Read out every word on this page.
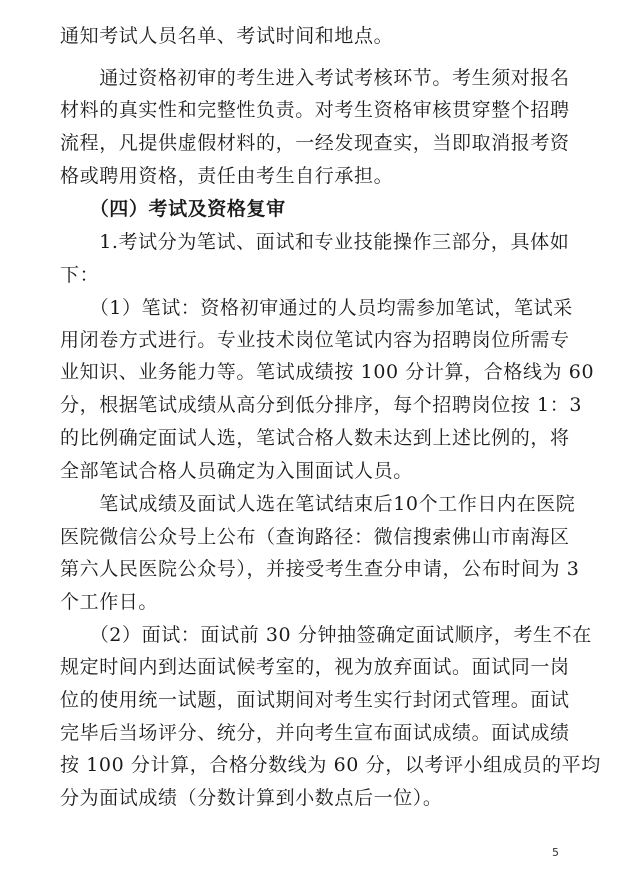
通知考试人员名单、考试时间和地点。
　　通过资格初审的考生进入考试考核环节。考生须对报名
材料的真实性和完整性负责。对考生资格审核贯穿整个招聘
流程，凡提供虚假材料的，一经发现查实，当即取消报考资
格或聘用资格，责任由考生自行承担。
　　（四）考试及资格复审
　　1.考试分为笔试、面试和专业技能操作三部分，具体如
下：
　　（1）笔试：资格初审通过的人员均需参加笔试，笔试采
用闭卷方式进行。专业技术岗位笔试内容为招聘岗位所需专
业知识、业务能力等。笔试成绩按 100 分计算，合格线为 60
分，根据笔试成绩从高分到低分排序，每个招聘岗位按 1：3
的比例确定面试人选，笔试合格人数未达到上述比例的，将
全部笔试合格人员确定为入围面试人员。
　　笔试成绩及面试人选在笔试结束后10个工作日内在医院
医院微信公众号上公布（查询路径：微信搜索佛山市南海区
第六人民医院公众号），并接受考生查分申请，公布时间为 3
个工作日。
　　（2）面试：面试前 30 分钟抽签确定面试顺序，考生不在
规定时间内到达面试候考室的，视为放弃面试。面试同一岗
位的使用统一试题，面试期间对考生实行封闭式管理。面试
完毕后当场评分、统分，并向考生宣布面试成绩。面试成绩
按 100 分计算，合格分数线为 60 分，以考评小组成员的平均
分为面试成绩（分数计算到小数点后一位）。
5
